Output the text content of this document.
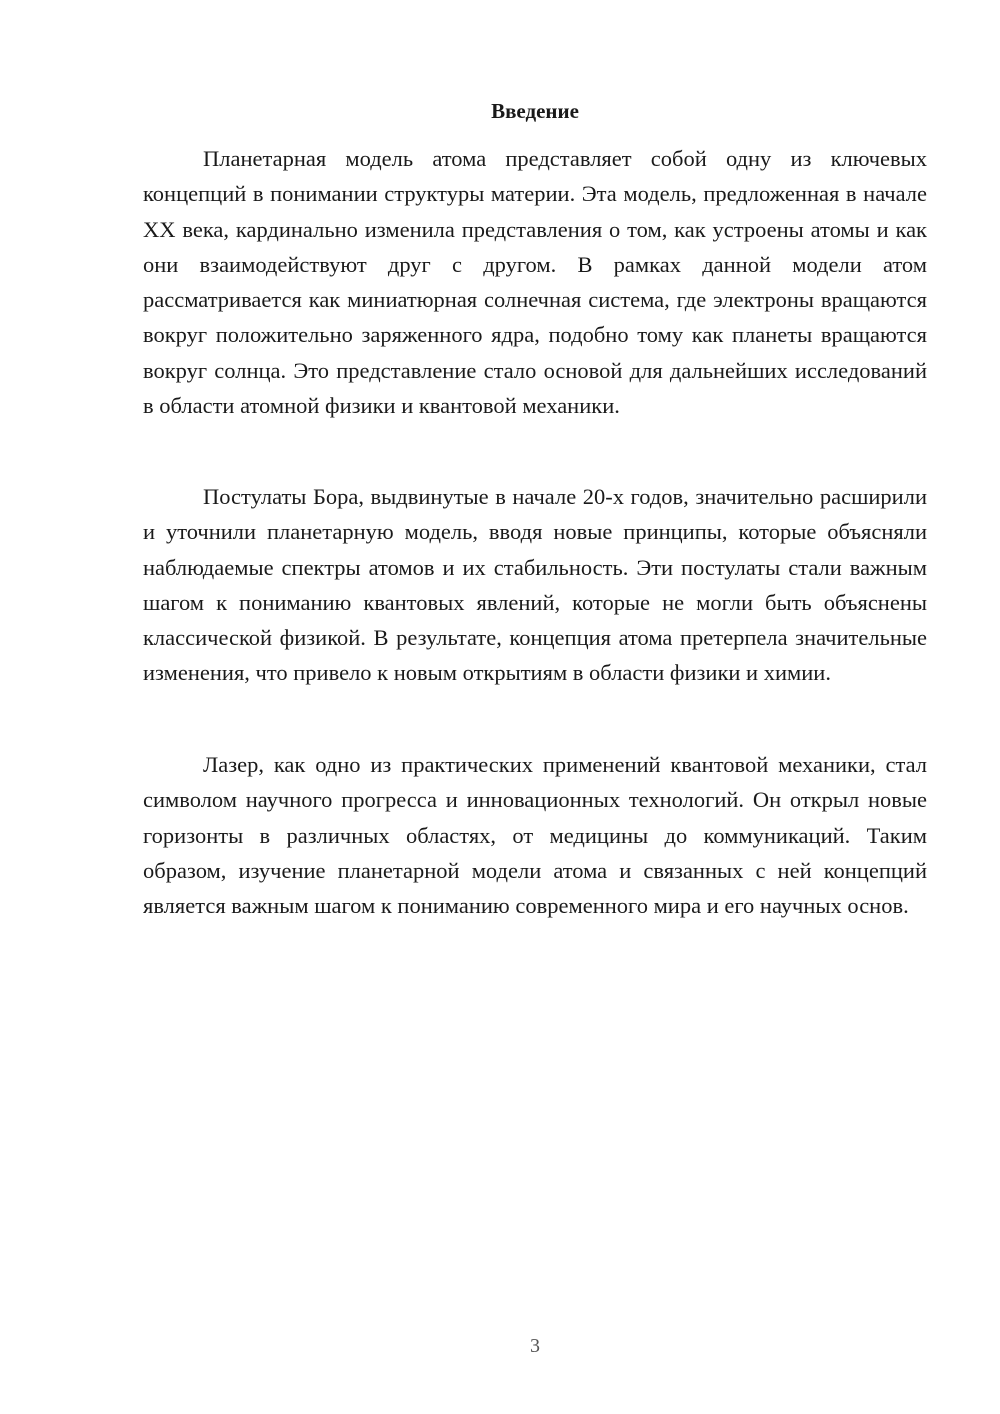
Введение

Планетарная модель атома представляет собой одну из ключевых концепций в понимании структуры материи. Эта модель, предложенная в начале XX века, кардинально изменила представления о том, как устроены атомы и как они взаимодействуют друг с другом. В рамках данной модели атом рассматривается как миниатюрная солнечная система, где электроны вращаются вокруг положительно заряженного ядра, подобно тому как планеты вращаются вокруг солнца. Это представление стало основой для дальнейших исследований в области атомной физики и квантовой механики.

Постулаты Бора, выдвинутые в начале 20-х годов, значительно расширили и уточнили планетарную модель, вводя новые принципы, которые объясняли наблюдаемые спектры атомов и их стабильность. Эти постулаты стали важным шагом к пониманию квантовых явлений, которые не могли быть объяснены классической физикой. В результате, концепция атома претерпела значительные изменения, что привело к новым открытиям в области физики и химии.

Лазер, как одно из практических применений квантовой механики, стал символом научного прогресса и инновационных технологий. Он открыл новые горизонты в различных областях, от медицины до коммуникаций. Таким образом, изучение планетарной модели атома и связанных с ней концепций является важным шагом к пониманию современного мира и его научных основ.

3
